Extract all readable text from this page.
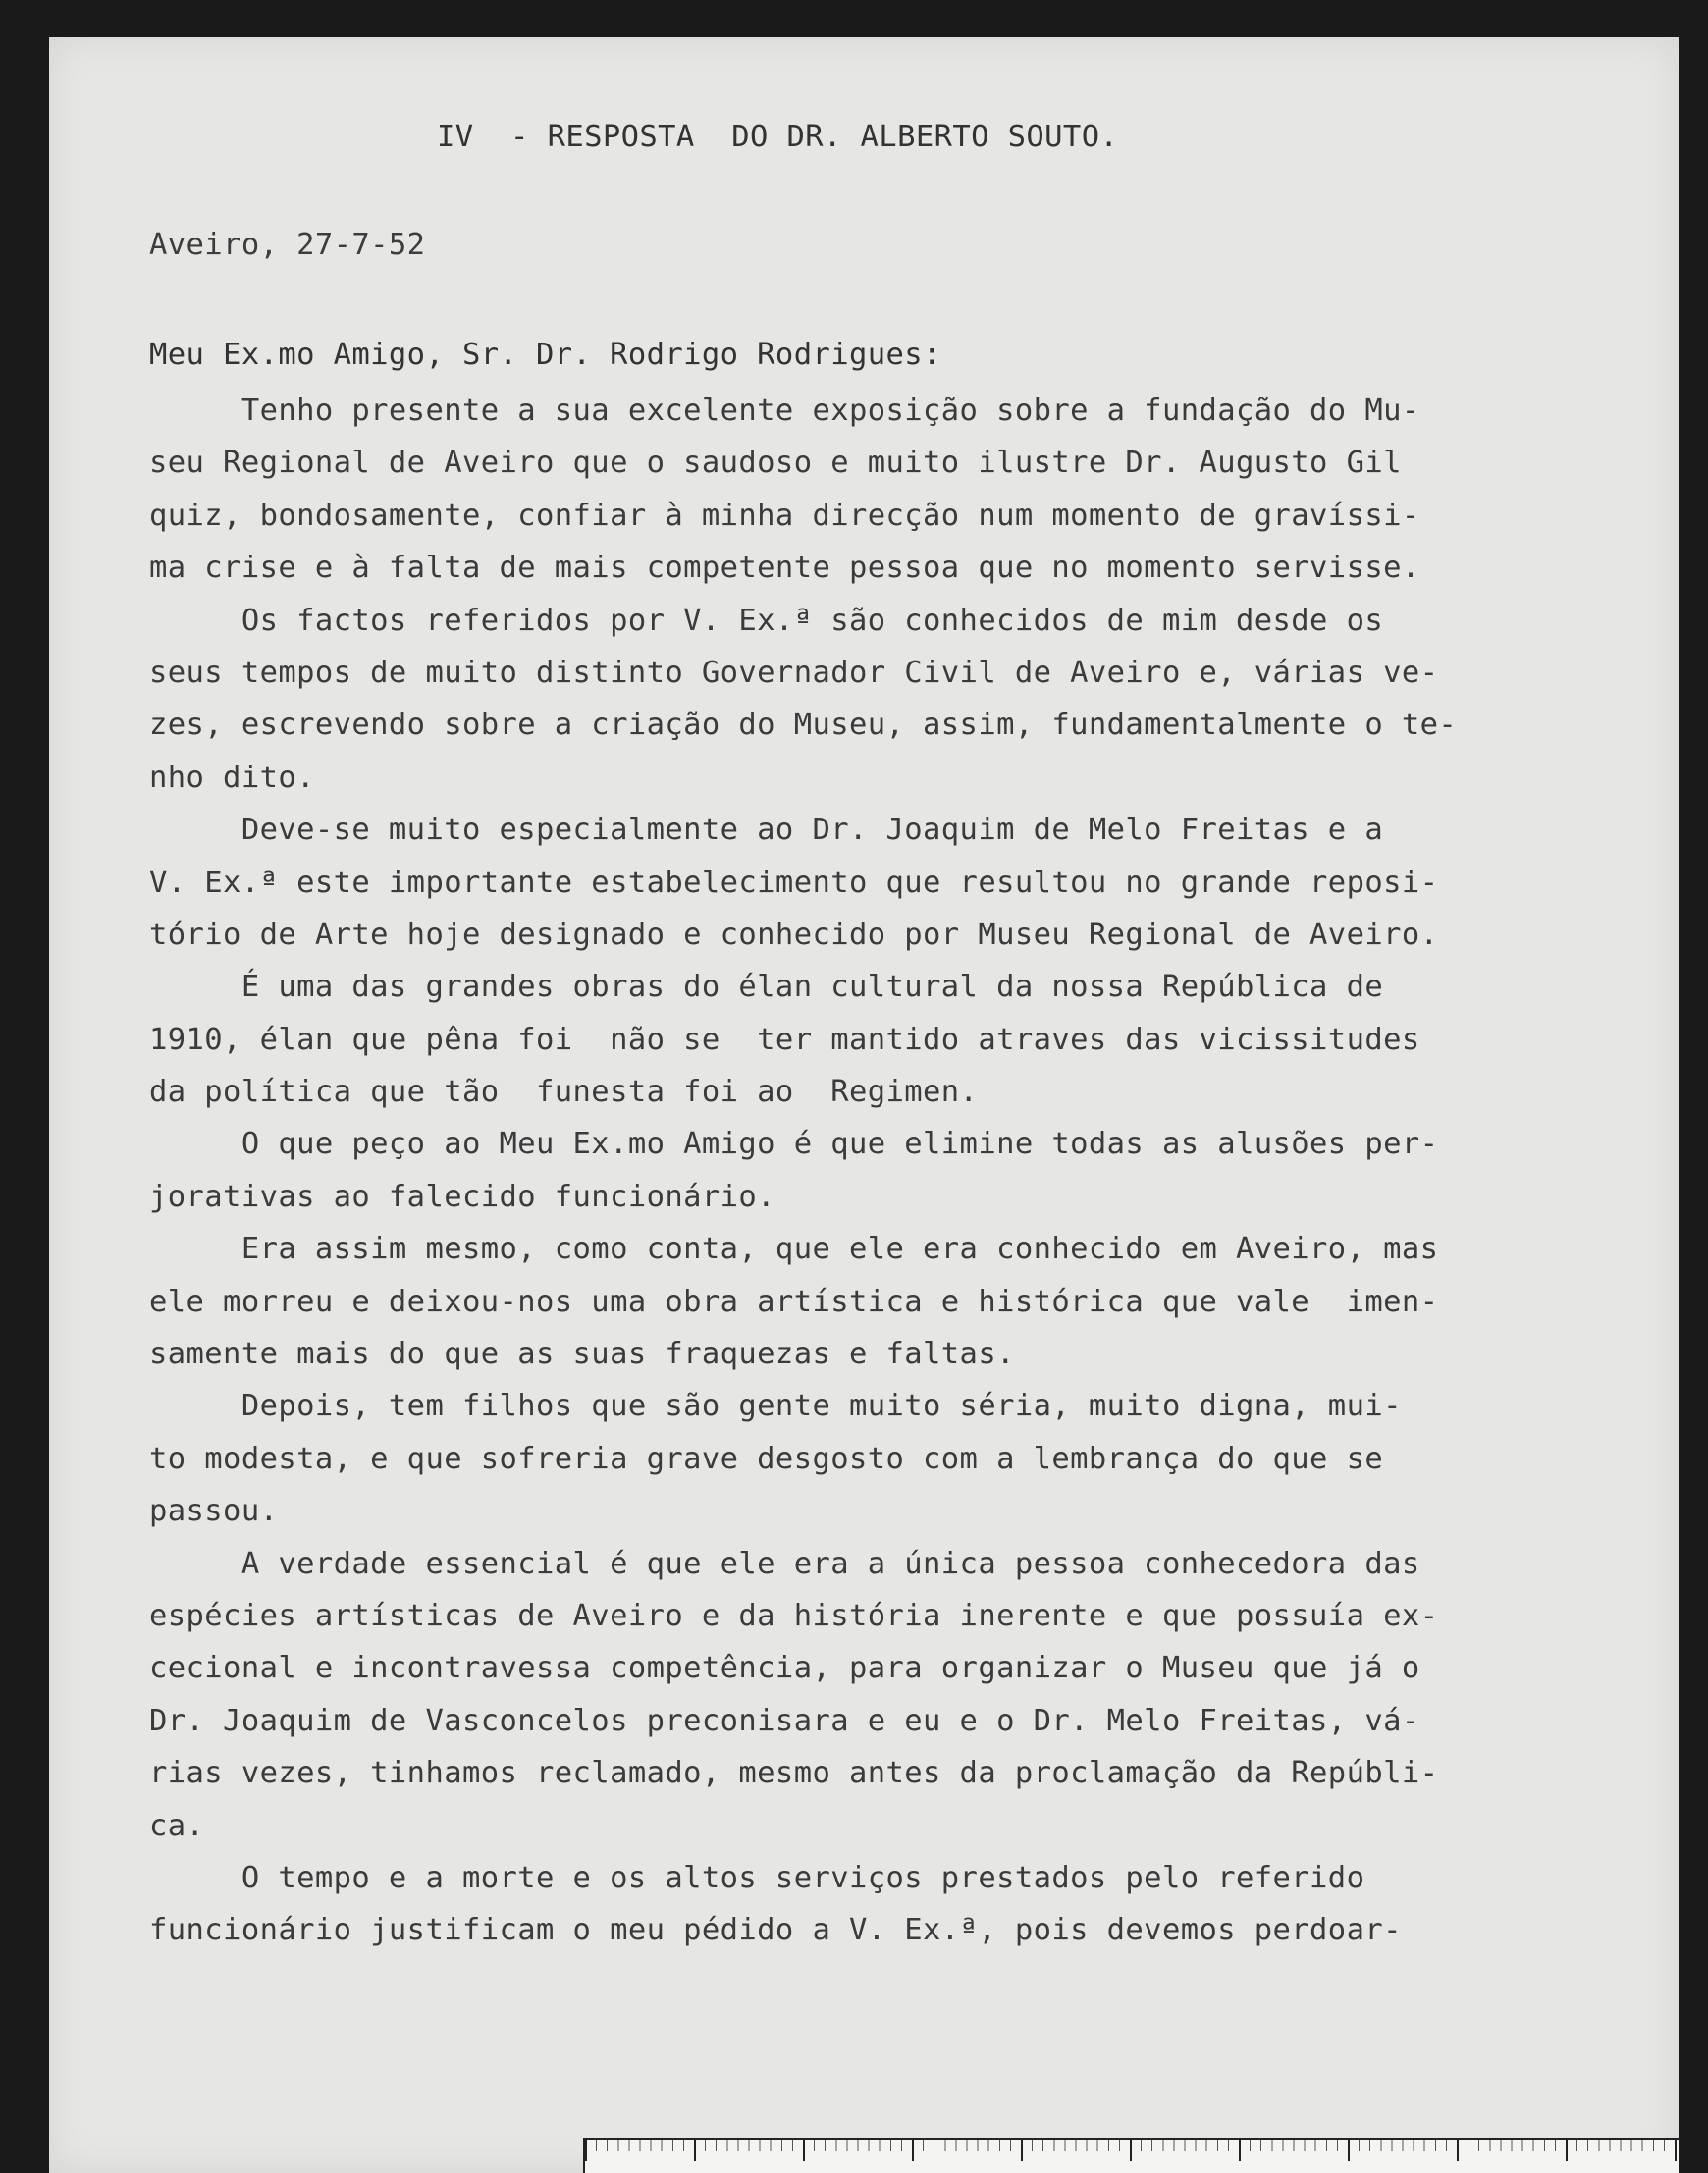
IV  - RESPOSTA  DO DR. ALBERTO SOUTO.
Aveiro, 27-7-52
Meu Ex.mo Amigo, Sr. Dr. Rodrigo Rodrigues:
Tenho presente a sua excelente exposição sobre a fundação do Mu-
seu Regional de Aveiro que o saudoso e muito ilustre Dr. Augusto Gil
quiz, bondosamente, confiar à minha direcção num momento de gravíssi-
ma crise e à falta de mais competente pessoa que no momento servisse.
Os factos referidos por V. Ex.ª são conhecidos de mim desde os
seus tempos de muito distinto Governador Civil de Aveiro e, várias ve-
zes, escrevendo sobre a criação do Museu, assim, fundamentalmente o te-
nho dito.
Deve-se muito especialmente ao Dr. Joaquim de Melo Freitas e a
V. Ex.ª este importante estabelecimento que resultou no grande reposi-
tório de Arte hoje designado e conhecido por Museu Regional de Aveiro.
É uma das grandes obras do élan cultural da nossa República de
1910, élan que pêna foi  não se  ter mantido atraves das vicissitudes
da política que tão  funesta foi ao  Regimen.
O que peço ao Meu Ex.mo Amigo é que elimine todas as alusões per-
jorativas ao falecido funcionário.
Era assim mesmo, como conta, que ele era conhecido em Aveiro, mas
ele morreu e deixou-nos uma obra artística e histórica que vale  imen-
samente mais do que as suas fraquezas e faltas.
Depois, tem filhos que são gente muito séria, muito digna, mui-
to modesta, e que sofreria grave desgosto com a lembrança do que se
passou.
A verdade essencial é que ele era a única pessoa conhecedora das
espécies artísticas de Aveiro e da história inerente e que possuía ex-
cecional e incontravessa competência, para organizar o Museu que já o
Dr. Joaquim de Vasconcelos preconisara e eu e o Dr. Melo Freitas, vá-
rias vezes, tinhamos reclamado, mesmo antes da proclamação da Repúbli-
ca.
O tempo e a morte e os altos serviços prestados pelo referido
funcionário justificam o meu pédido a V. Ex.ª, pois devemos perdoar-
